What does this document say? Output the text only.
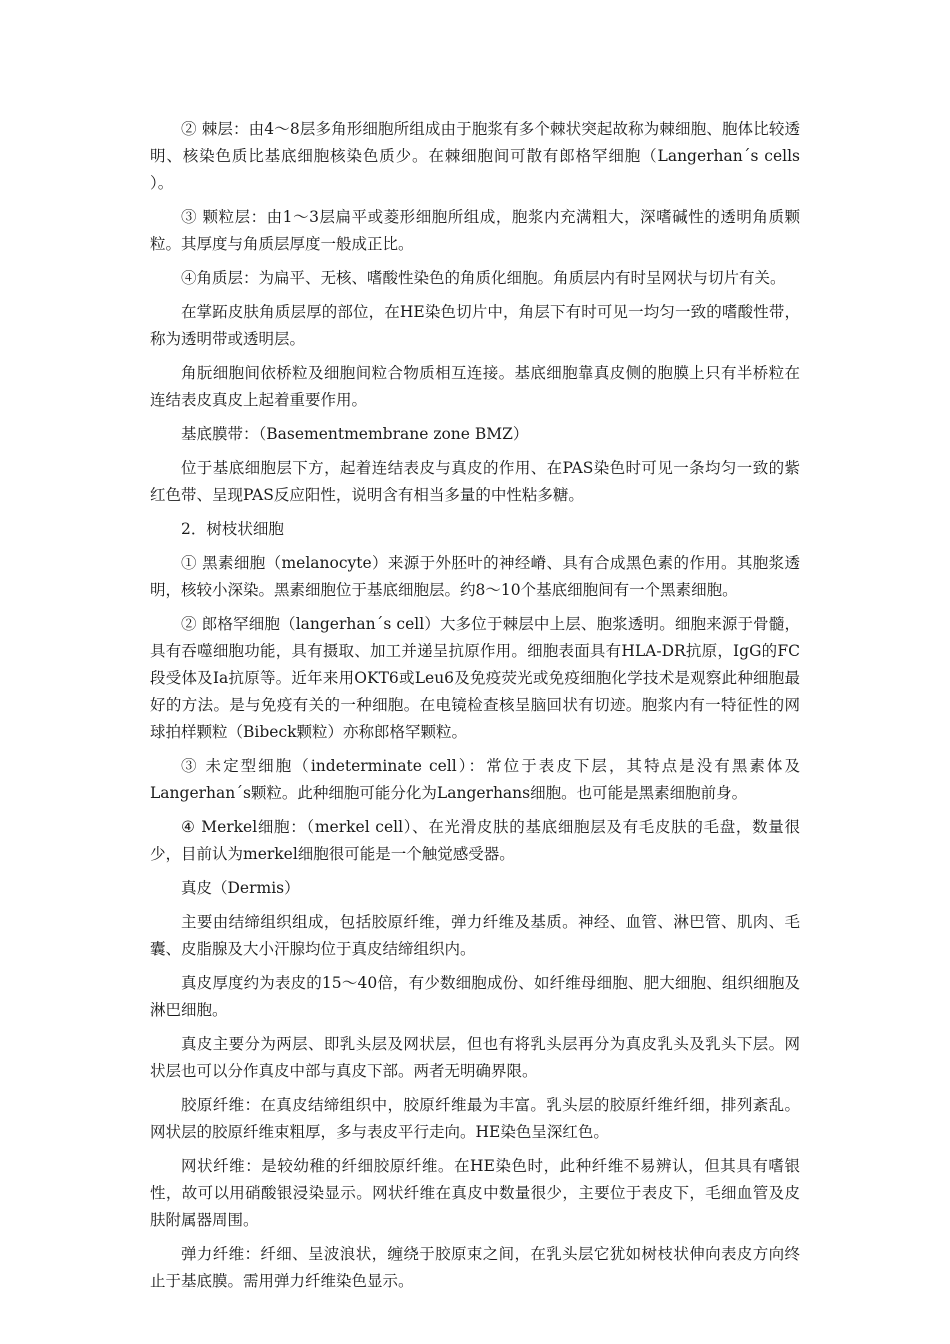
② 棘层：由4～8层多角形细胞所组成由于胞浆有多个棘状突起故称为棘细胞、胞体比较透明、核染色质比基底细胞核染色质少。在棘细胞间可散有郎格罕细胞（Langerhan´s cells ）。

③ 颗粒层：由1～3层扁平或菱形细胞所组成，胞浆内充满粗大，深嗜碱性的透明角质颗粒。其厚度与角质层厚度一般成正比。

④角质层：为扁平、无核、嗜酸性染色的角质化细胞。角质层内有时呈网状与切片有关。

在掌跖皮肤角质层厚的部位，在HE染色切片中，角层下有时可见一均匀一致的嗜酸性带，称为透明带或透明层。

角朊细胞间依桥粒及细胞间粒合物质相互连接。基底细胞靠真皮侧的胞膜上只有半桥粒在连结表皮真皮上起着重要作用。

基底膜带：（Basementmembrane zone BMZ）

位于基底细胞层下方，起着连结表皮与真皮的作用、在PAS染色时可见一条均匀一致的紫红色带、呈现PAS反应阳性，说明含有相当多量的中性粘多糖。

2．树枝状细胞

① 黑素细胞（melanocyte）来源于外胚叶的神经嵴、具有合成黑色素的作用。其胞浆透明，核较小深染。黑素细胞位于基底细胞层。约8～10个基底细胞间有一个黑素细胞。

② 郎格罕细胞（langerhan´s cell）大多位于棘层中上层、胞浆透明。细胞来源于骨髓，具有吞噬细胞功能，具有摄取、加工并递呈抗原作用。细胞表面具有HLA-DR抗原，IgG的FC段受体及Ia抗原等。近年来用OKT6或Leu6及免疫荧光或免疫细胞化学技术是观察此种细胞最好的方法。是与免疫有关的一种细胞。在电镜检查核呈脑回状有切迹。胞浆内有一特征性的网球拍样颗粒（Bibeck颗粒）亦称郎格罕颗粒。

③ 未定型细胞（indeterminate cell）：常位于表皮下层，其特点是没有黑素体及Langerhan´s颗粒。此种细胞可能分化为Langerhans细胞。也可能是黑素细胞前身。

④ Merkel细胞：（merkel cell）、在光滑皮肤的基底细胞层及有毛皮肤的毛盘，数量很少，目前认为merkel细胞很可能是一个触觉感受器。

真皮（Dermis）

主要由结缔组织组成，包括胶原纤维，弹力纤维及基质。神经、血管、淋巴管、肌肉、毛囊、皮脂腺及大小汗腺均位于真皮结缔组织内。

真皮厚度约为表皮的15～40倍，有少数细胞成份、如纤维母细胞、肥大细胞、组织细胞及淋巴细胞。

真皮主要分为两层、即乳头层及网状层，但也有将乳头层再分为真皮乳头及乳头下层。网状层也可以分作真皮中部与真皮下部。两者无明确界限。

胶原纤维：在真皮结缔组织中，胶原纤维最为丰富。乳头层的胶原纤维纤细，排列紊乱。网状层的胶原纤维束粗厚，多与表皮平行走向。HE染色呈深红色。

网状纤维：是较幼稚的纤细胶原纤维。在HE染色时，此种纤维不易辨认，但其具有嗜银性，故可以用硝酸银浸染显示。网状纤维在真皮中数量很少，主要位于表皮下，毛细血管及皮肤附属器周围。

弹力纤维：纤细、呈波浪状，缠绕于胶原束之间，在乳头层它犹如树枝状伸向表皮方向终止于基底膜。需用弹力纤维染色显示。
